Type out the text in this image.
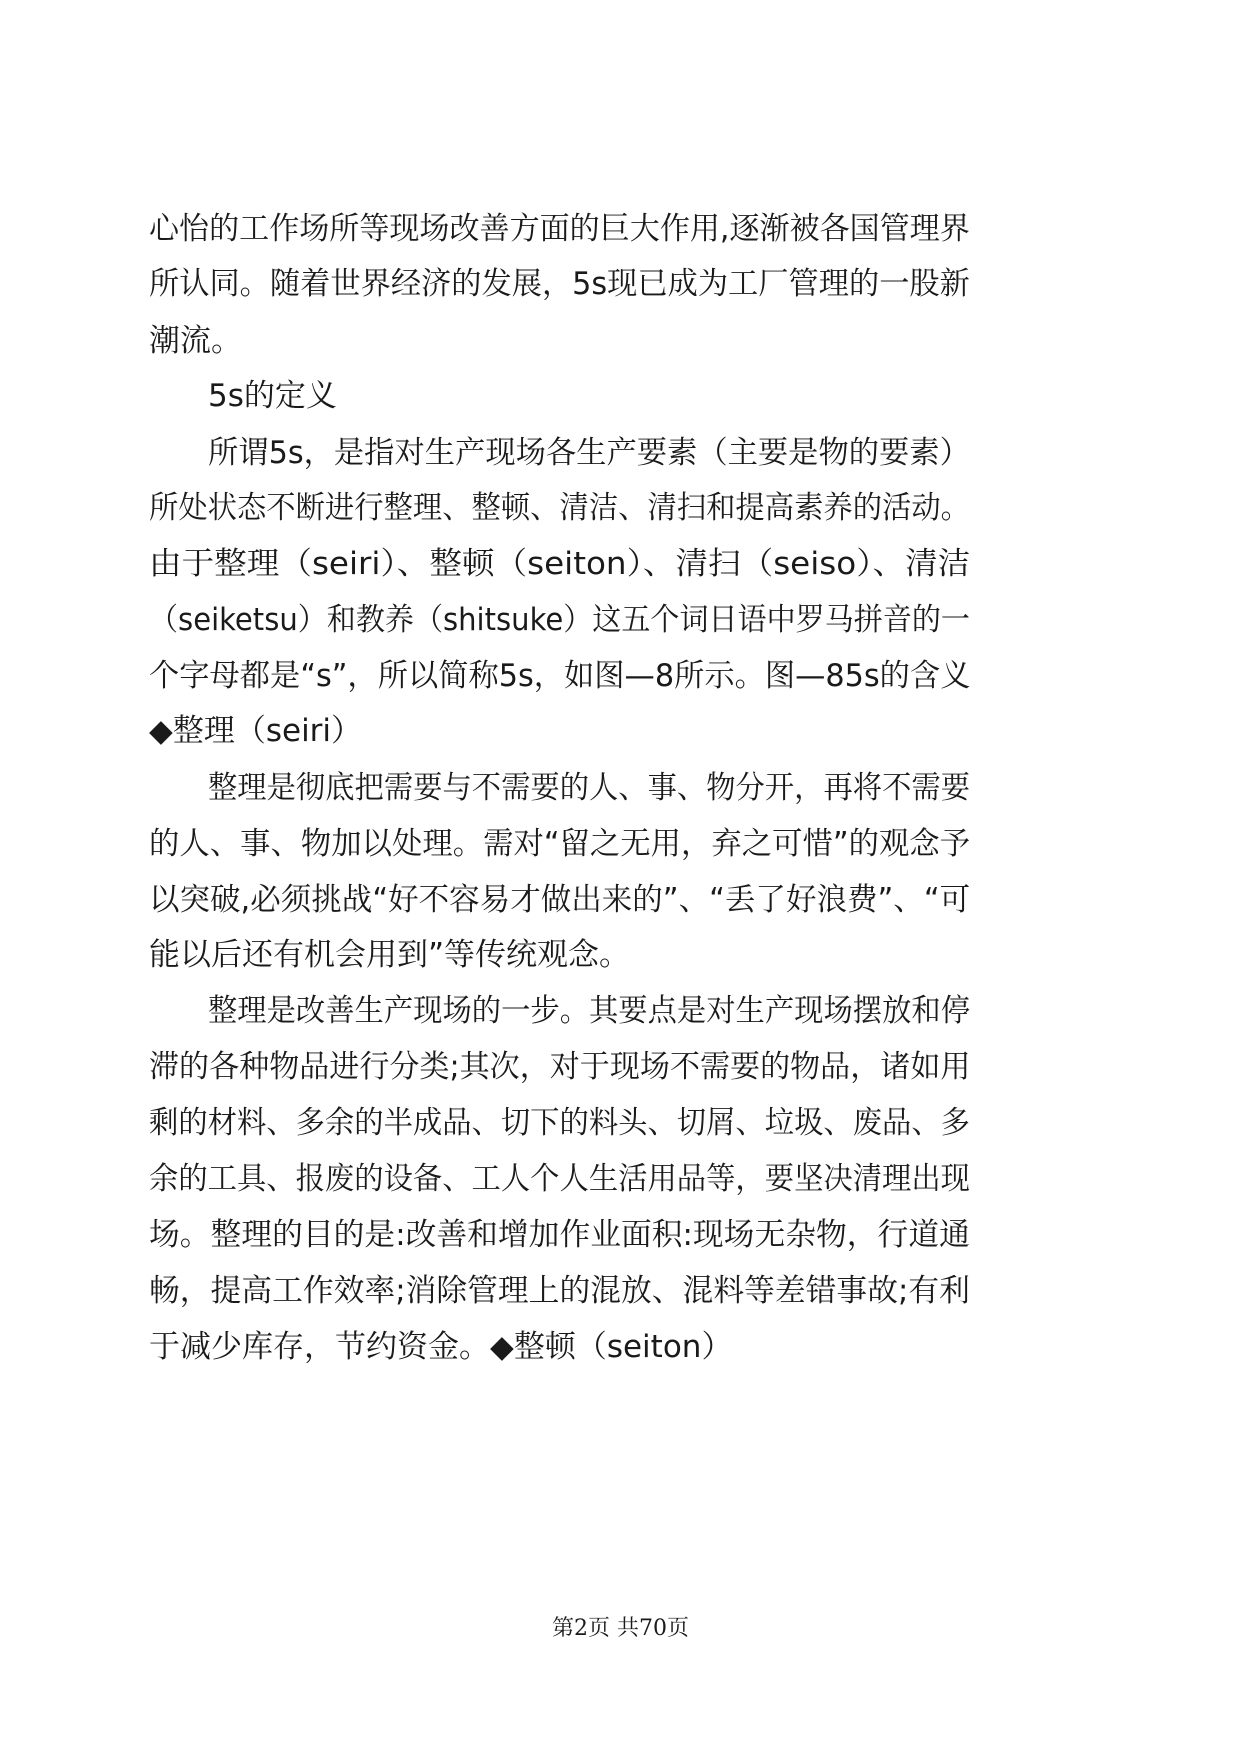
心怡的工作场所等现场改善方面的巨大作用,逐渐被各国管理界
所认同。随着世界经济的发展，5s现已成为工厂管理的一股新
潮流。
5s的定义
所谓5s，是指对生产现场各生产要素（主要是物的要素）
所处状态不断进行整理、整顿、清洁、清扫和提高素养的活动。
由于整理（seiri）、整顿（seiton）、清扫（seiso）、清洁
（seiketsu）和教养（shitsuke）这五个词日语中罗马拼音的一
个字母都是“s”，所以简称5s，如图—8所示。图—85s的含义
◆整理（seiri）
整理是彻底把需要与不需要的人、事、物分开，再将不需要
的人、事、物加以处理。需对“留之无用，弃之可惜”的观念予
以突破,必须挑战“好不容易才做出来的”、“丢了好浪费”、“可
能以后还有机会用到”等传统观念。
整理是改善生产现场的一步。其要点是对生产现场摆放和停
滞的各种物品进行分类;其次，对于现场不需要的物品，诸如用
剩的材料、多余的半成品、切下的料头、切屑、垃圾、废品、多
余的工具、报废的设备、工人个人生活用品等，要坚决清理出现
场。整理的目的是:改善和增加作业面积:现场无杂物，行道通
畅，提高工作效率;消除管理上的混放、混料等差错事故;有利
于减少库存，节约资金。◆整顿（seiton）
第2页 共70页
